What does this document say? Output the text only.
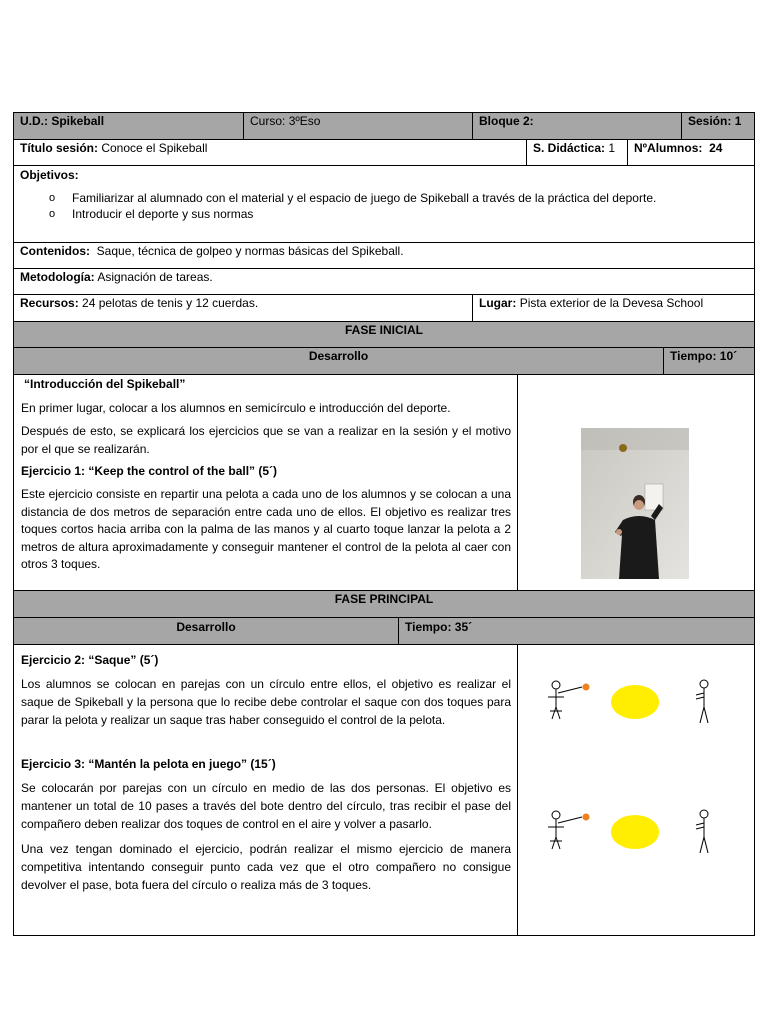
U.D.: Spikeball	Curso: 3ºEso	Bloque 2:	Sesión: 1
Título sesión: Conoce el Spikeball	S. Didáctica: 1	NºAlumnos: 24
Objetivos:
o Familiarizar al alumnado con el material y el espacio de juego de Spikeball a través de la práctica del deporte.
o Introducir el deporte y sus normas
Contenidos: Saque, técnica de golpeo y normas básicas del Spikeball.
Metodología: Asignación de tareas.
Recursos: 24 pelotas de tenis y 12 cuerdas.	Lugar: Pista exterior de la Devesa School
FASE INICIAL
Desarrollo	Tiempo: 10´

“Introducción del Spikeball”

En primer lugar, colocar a los alumnos en semicírculo e introducción del deporte.

Después de esto, se explicará los ejercicios que se van a realizar en la sesión y el motivo por el que se realizarán.

Ejercicio 1: “Keep the control of the ball” (5´)

Este ejercicio consiste en repartir una pelota a cada uno de los alumnos y se colocan a una distancia de dos metros de separación entre cada uno de ellos. El objetivo es realizar tres toques cortos hacia arriba con la palma de las manos y al cuarto toque lanzar la pelota a 2 metros de altura aproximadamente y conseguir mantener el control de la pelota al caer con otros 3 toques.

FASE PRINCIPAL
Desarrollo	Tiempo: 35´

Ejercicio 2: “Saque” (5´)

Los alumnos se colocan en parejas con un círculo entre ellos, el objetivo es realizar el saque de Spikeball y la persona que lo recibe debe controlar el saque con dos toques para parar la pelota y realizar un saque tras haber conseguido el control de la pelota.

Ejercicio 3: “Mantén la pelota en juego” (15´)

Se colocarán por parejas con un círculo en medio de las dos personas. El objetivo es mantener un total de 10 pases a través del bote dentro del círculo, tras recibir el pase del compañero deben realizar dos toques de control en el aire y volver a pasarlo.

Una vez tengan dominado el ejercicio, podrán realizar el mismo ejercicio de manera competitiva intentando conseguir punto cada vez que el otro compañero no consigue devolver el pase, bota fuera del círculo o realiza más de 3 toques.
